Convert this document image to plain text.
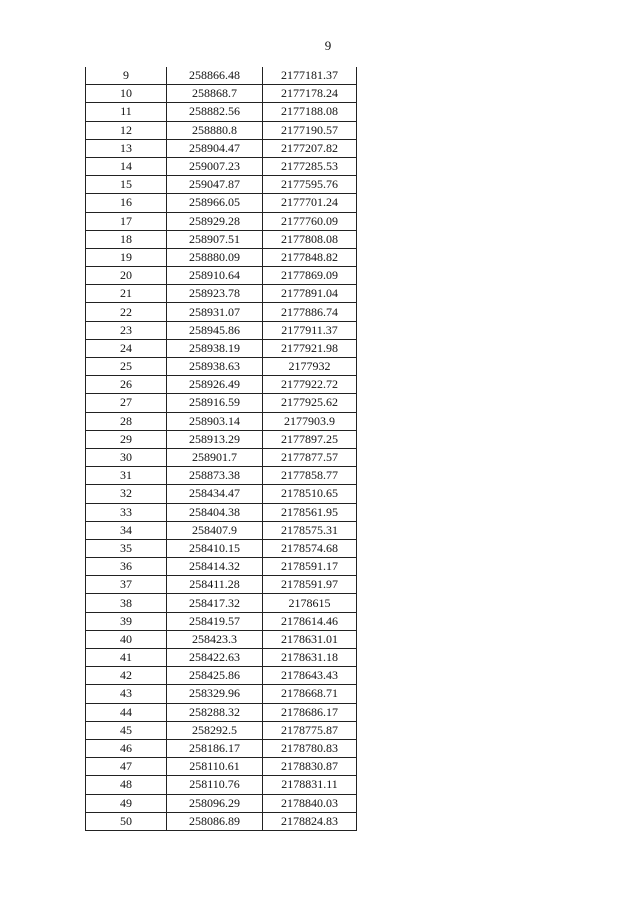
9
9	258866.48	2177181.37
10	258868.7	2177178.24
11	258882.56	2177188.08
12	258880.8	2177190.57
13	258904.47	2177207.82
14	259007.23	2177285.53
15	259047.87	2177595.76
16	258966.05	2177701.24
17	258929.28	2177760.09
18	258907.51	2177808.08
19	258880.09	2177848.82
20	258910.64	2177869.09
21	258923.78	2177891.04
22	258931.07	2177886.74
23	258945.86	2177911.37
24	258938.19	2177921.98
25	258938.63	2177932
26	258926.49	2177922.72
27	258916.59	2177925.62
28	258903.14	2177903.9
29	258913.29	2177897.25
30	258901.7	2177877.57
31	258873.38	2177858.77
32	258434.47	2178510.65
33	258404.38	2178561.95
34	258407.9	2178575.31
35	258410.15	2178574.68
36	258414.32	2178591.17
37	258411.28	2178591.97
38	258417.32	2178615
39	258419.57	2178614.46
40	258423.3	2178631.01
41	258422.63	2178631.18
42	258425.86	2178643.43
43	258329.96	2178668.71
44	258288.32	2178686.17
45	258292.5	2178775.87
46	258186.17	2178780.83
47	258110.61	2178830.87
48	258110.76	2178831.11
49	258096.29	2178840.03
50	258086.89	2178824.83
